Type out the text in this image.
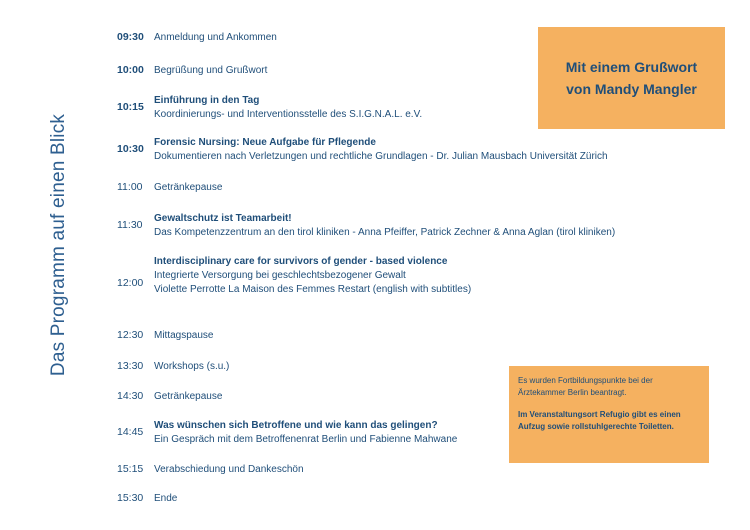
Das Programm auf einen Blick
Mit einem Grußwort
von Mandy Mangler
Es wurden Fortbildungspunkte bei der Ärztekammer Berlin beantragt.
Im Veranstaltungsort Refugio gibt es einen Aufzug sowie rollstuhlgerechte Toiletten.
09:30	Anmeldung und Ankommen
10:00	Begrüßung und Grußwort
10:15
Einführung in den Tag
Koordinierungs- und Interventionsstelle des S.I.G.N.A.L. e.V.
10:30
Forensic Nursing: Neue Aufgabe für Pflegende
Dokumentieren nach Verletzungen und rechtliche Grundlagen - Dr. Julian Mausbach Universität Zürich
11:00	Getränkepause
11:30
Gewaltschutz ist Teamarbeit!
Das Kompetenzzentrum an den tirol kliniken - Anna Pfeiffer, Patrick Zechner & Anna Aglan (tirol kliniken)
12:00
Interdisciplinary care for survivors of gender - based violence
Integrierte Versorgung bei geschlechtsbezogener Gewalt
Violette Perrotte La Maison des Femmes Restart (english with subtitles)
12:30	Mittagspause
13:30	Workshops (s.u.)
14:30	Getränkepause
14:45
Was wünschen sich Betroffene und wie kann das gelingen?
Ein Gespräch mit dem Betroffenenrat Berlin und Fabienne Mahwane
15:15	Verabschiedung und Dankeschön
15:30	Ende
